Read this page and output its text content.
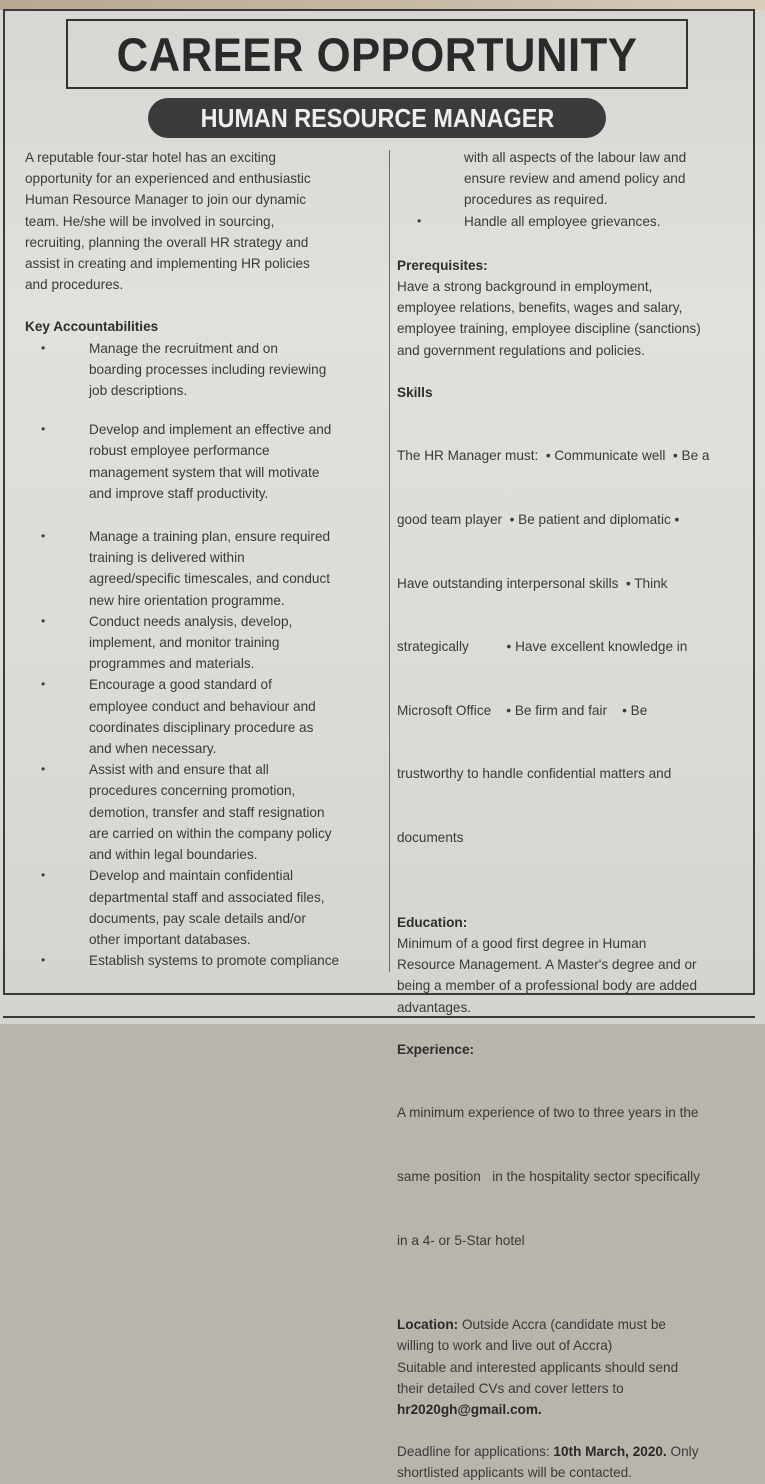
CAREER OPPORTUNITY
HUMAN RESOURCE MANAGER
A reputable four-star hotel has an exciting
opportunity for an experienced and enthusiastic
Human Resource Manager to join our dynamic
team. He/she will be involved in sourcing,
recruiting, planning the overall HR strategy and
assist in creating and implementing HR policies
and procedures.
Key Accountabilities
•	Manage the recruitment and on
boarding processes including reviewing
job descriptions.
•	Develop and implement an effective and
robust employee performance
management system that will motivate
and improve staff productivity.
•	Manage a training plan, ensure required
training is delivered within
agreed/specific timescales, and conduct
new hire orientation programme.
•	Conduct needs analysis, develop,
implement, and monitor training
programmes and materials.
•	Encourage a good standard of
employee conduct and behaviour and
coordinates disciplinary procedure as
and when necessary.
•	Assist with and ensure that all
procedures concerning promotion,
demotion, transfer and staff resignation
are carried on within the company policy
and within legal boundaries.
•	Develop and maintain confidential
departmental staff and associated files,
documents, pay scale details and/or
other important databases.
•	Establish systems to promote compliance
with all aspects of the labour law and
ensure review and amend policy and
procedures as required.
•	Handle all employee grievances.
Prerequisites:
Have a strong background in employment,
employee relations, benefits, wages and salary,
employee training, employee discipline (sanctions)
and government regulations and policies.
Skills

The HR Manager must:  • Communicate well  • Be a

good team player  • Be patient and diplomatic •

Have outstanding interpersonal skills  • Think

strategically          • Have excellent knowledge in

Microsoft Office    • Be firm and fair    • Be

trustworthy to handle confidential matters and

documents

Education:
Minimum of a good first degree in Human
Resource Management. A Master's degree and or
being a member of a professional body are added
advantages.
Experience:

A minimum experience of two to three years in the

same position   in the hospitality sector specifically

in a 4- or 5-Star hotel

Location: Outside Accra (candidate must be
willing to work and live out of Accra)
Suitable and interested applicants should send
their detailed CVs and cover letters to
hr2020gh@gmail.com.
Deadline for applications: 10th March, 2020. Only
shortlisted applicants will be contacted.
